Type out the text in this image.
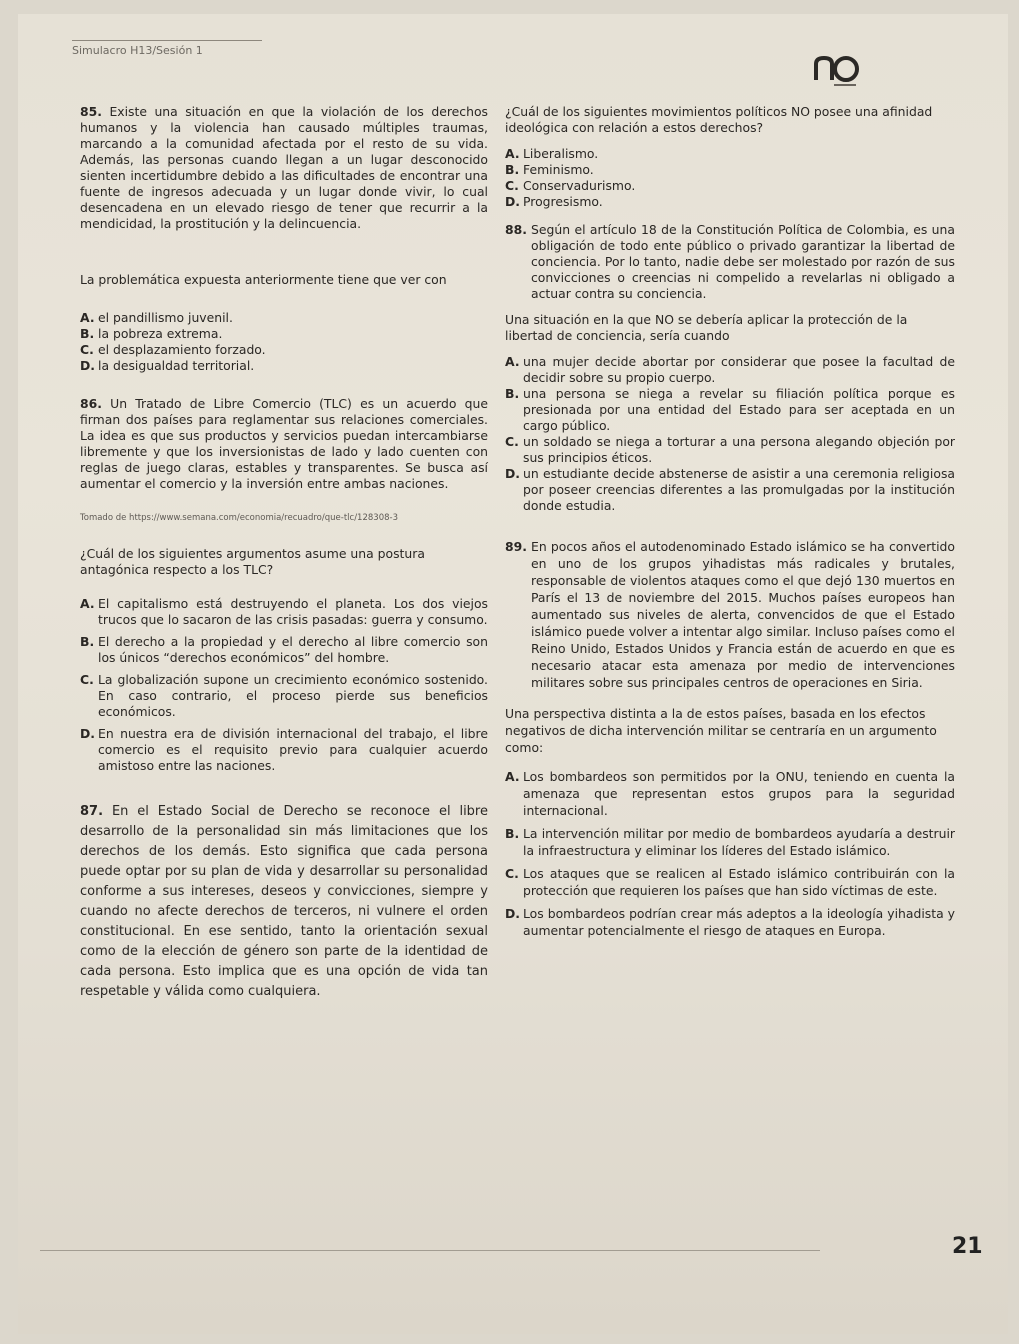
Simulacro H13/Sesión 1

85. Existe una situación en que la violación de los derechos humanos y la violencia han causado múltiples traumas, marcando a la comunidad afectada por el resto de su vida. Además, las personas cuando llegan a un lugar desconocido sienten incertidumbre debido a las dificultades de encontrar una fuente de ingresos adecuada y un lugar donde vivir, lo cual desencadena en un elevado riesgo de tener que recurrir a la mendicidad, la prostitución y la delincuencia.

La problemática expuesta anteriormente tiene que ver con

A. el pandillismo juvenil.
B. la pobreza extrema.
C. el desplazamiento forzado.
D. la desigualdad territorial.

86. Un Tratado de Libre Comercio (TLC) es un acuerdo que firman dos países para reglamentar sus relaciones comerciales. La idea es que sus productos y servicios puedan intercambiarse libremente y que los inversionistas de lado y lado cuenten con reglas de juego claras, estables y transparentes. Se busca así aumentar el comercio y la inversión entre ambas naciones.

Tomado de https://www.semana.com/economia/recuadro/que-tlc/128308-3

¿Cuál de los siguientes argumentos asume una postura antagónica respecto a los TLC?

A. El capitalismo está destruyendo el planeta. Los dos viejos trucos que lo sacaron de las crisis pasadas: guerra y consumo.
B. El derecho a la propiedad y el derecho al libre comercio son los únicos “derechos económicos” del hombre.
C. La globalización supone un crecimiento económico sostenido. En caso contrario, el proceso pierde sus beneficios económicos.
D. En nuestra era de división internacional del trabajo, el libre comercio es el requisito previo para cualquier acuerdo amistoso entre las naciones.

87. En el Estado Social de Derecho se reconoce el libre desarrollo de la personalidad sin más limitaciones que los derechos de los demás. Esto significa que cada persona puede optar por su plan de vida y desarrollar su personalidad conforme a sus intereses, deseos y convicciones, siempre y cuando no afecte derechos de terceros, ni vulnere el orden constitucional. En ese sentido, tanto la orientación sexual como de la elección de género son parte de la identidad de cada persona. Esto implica que es una opción de vida tan respetable y válida como cualquiera.

¿Cuál de los siguientes movimientos políticos NO posee una afinidad ideológica con relación a estos derechos?

A. Liberalismo.
B. Feminismo.
C. Conservadurismo.
D. Progresismo.
88. Según el artículo 18 de la Constitución Política de Colombia, es una obligación de todo ente público o privado garantizar la libertad de conciencia. Por lo tanto, nadie debe ser molestado por razón de sus convicciones o creencias ni compelido a revelarlas ni obligado a actuar contra su conciencia.

Una situación en la que NO se debería aplicar la protección de la libertad de conciencia, sería cuando

A. una mujer decide abortar por considerar que posee la facultad de decidir sobre su propio cuerpo.
B. una persona se niega a revelar su filiación política porque es presionada por una entidad del Estado para ser aceptada en un cargo público.
C. un soldado se niega a torturar a una persona alegando objeción por sus principios éticos.
D. un estudiante decide abstenerse de asistir a una ceremonia religiosa por poseer creencias diferentes a las promulgadas por la institución donde estudia.
89. En pocos años el autodenominado Estado islámico se ha convertido en uno de los grupos yihadistas más radicales y brutales, responsable de violentos ataques como el que dejó 130 muertos en París el 13 de noviembre del 2015. Muchos países europeos han aumentado sus niveles de alerta, convencidos de que el Estado islámico puede volver a intentar algo similar. Incluso países como el Reino Unido, Estados Unidos y Francia están de acuerdo en que es necesario atacar esta amenaza por medio de intervenciones militares sobre sus principales centros de operaciones en Siria.

Una perspectiva distinta a la de estos países, basada en los efectos negativos de dicha intervención militar se centraría en un argumento como:

A. Los bombardeos son permitidos por la ONU, teniendo en cuenta la amenaza que representan estos grupos para la seguridad internacional.
B. La intervención militar por medio de bombardeos ayudaría a destruir la infraestructura y eliminar los líderes del Estado islámico.
C. Los ataques que se realicen al Estado islámico contribuirán con la protección que requieren los países que han sido víctimas de este.
D. Los bombardeos podrían crear más adeptos a la ideología yihadista y aumentar potencialmente el riesgo de ataques en Europa.
21
